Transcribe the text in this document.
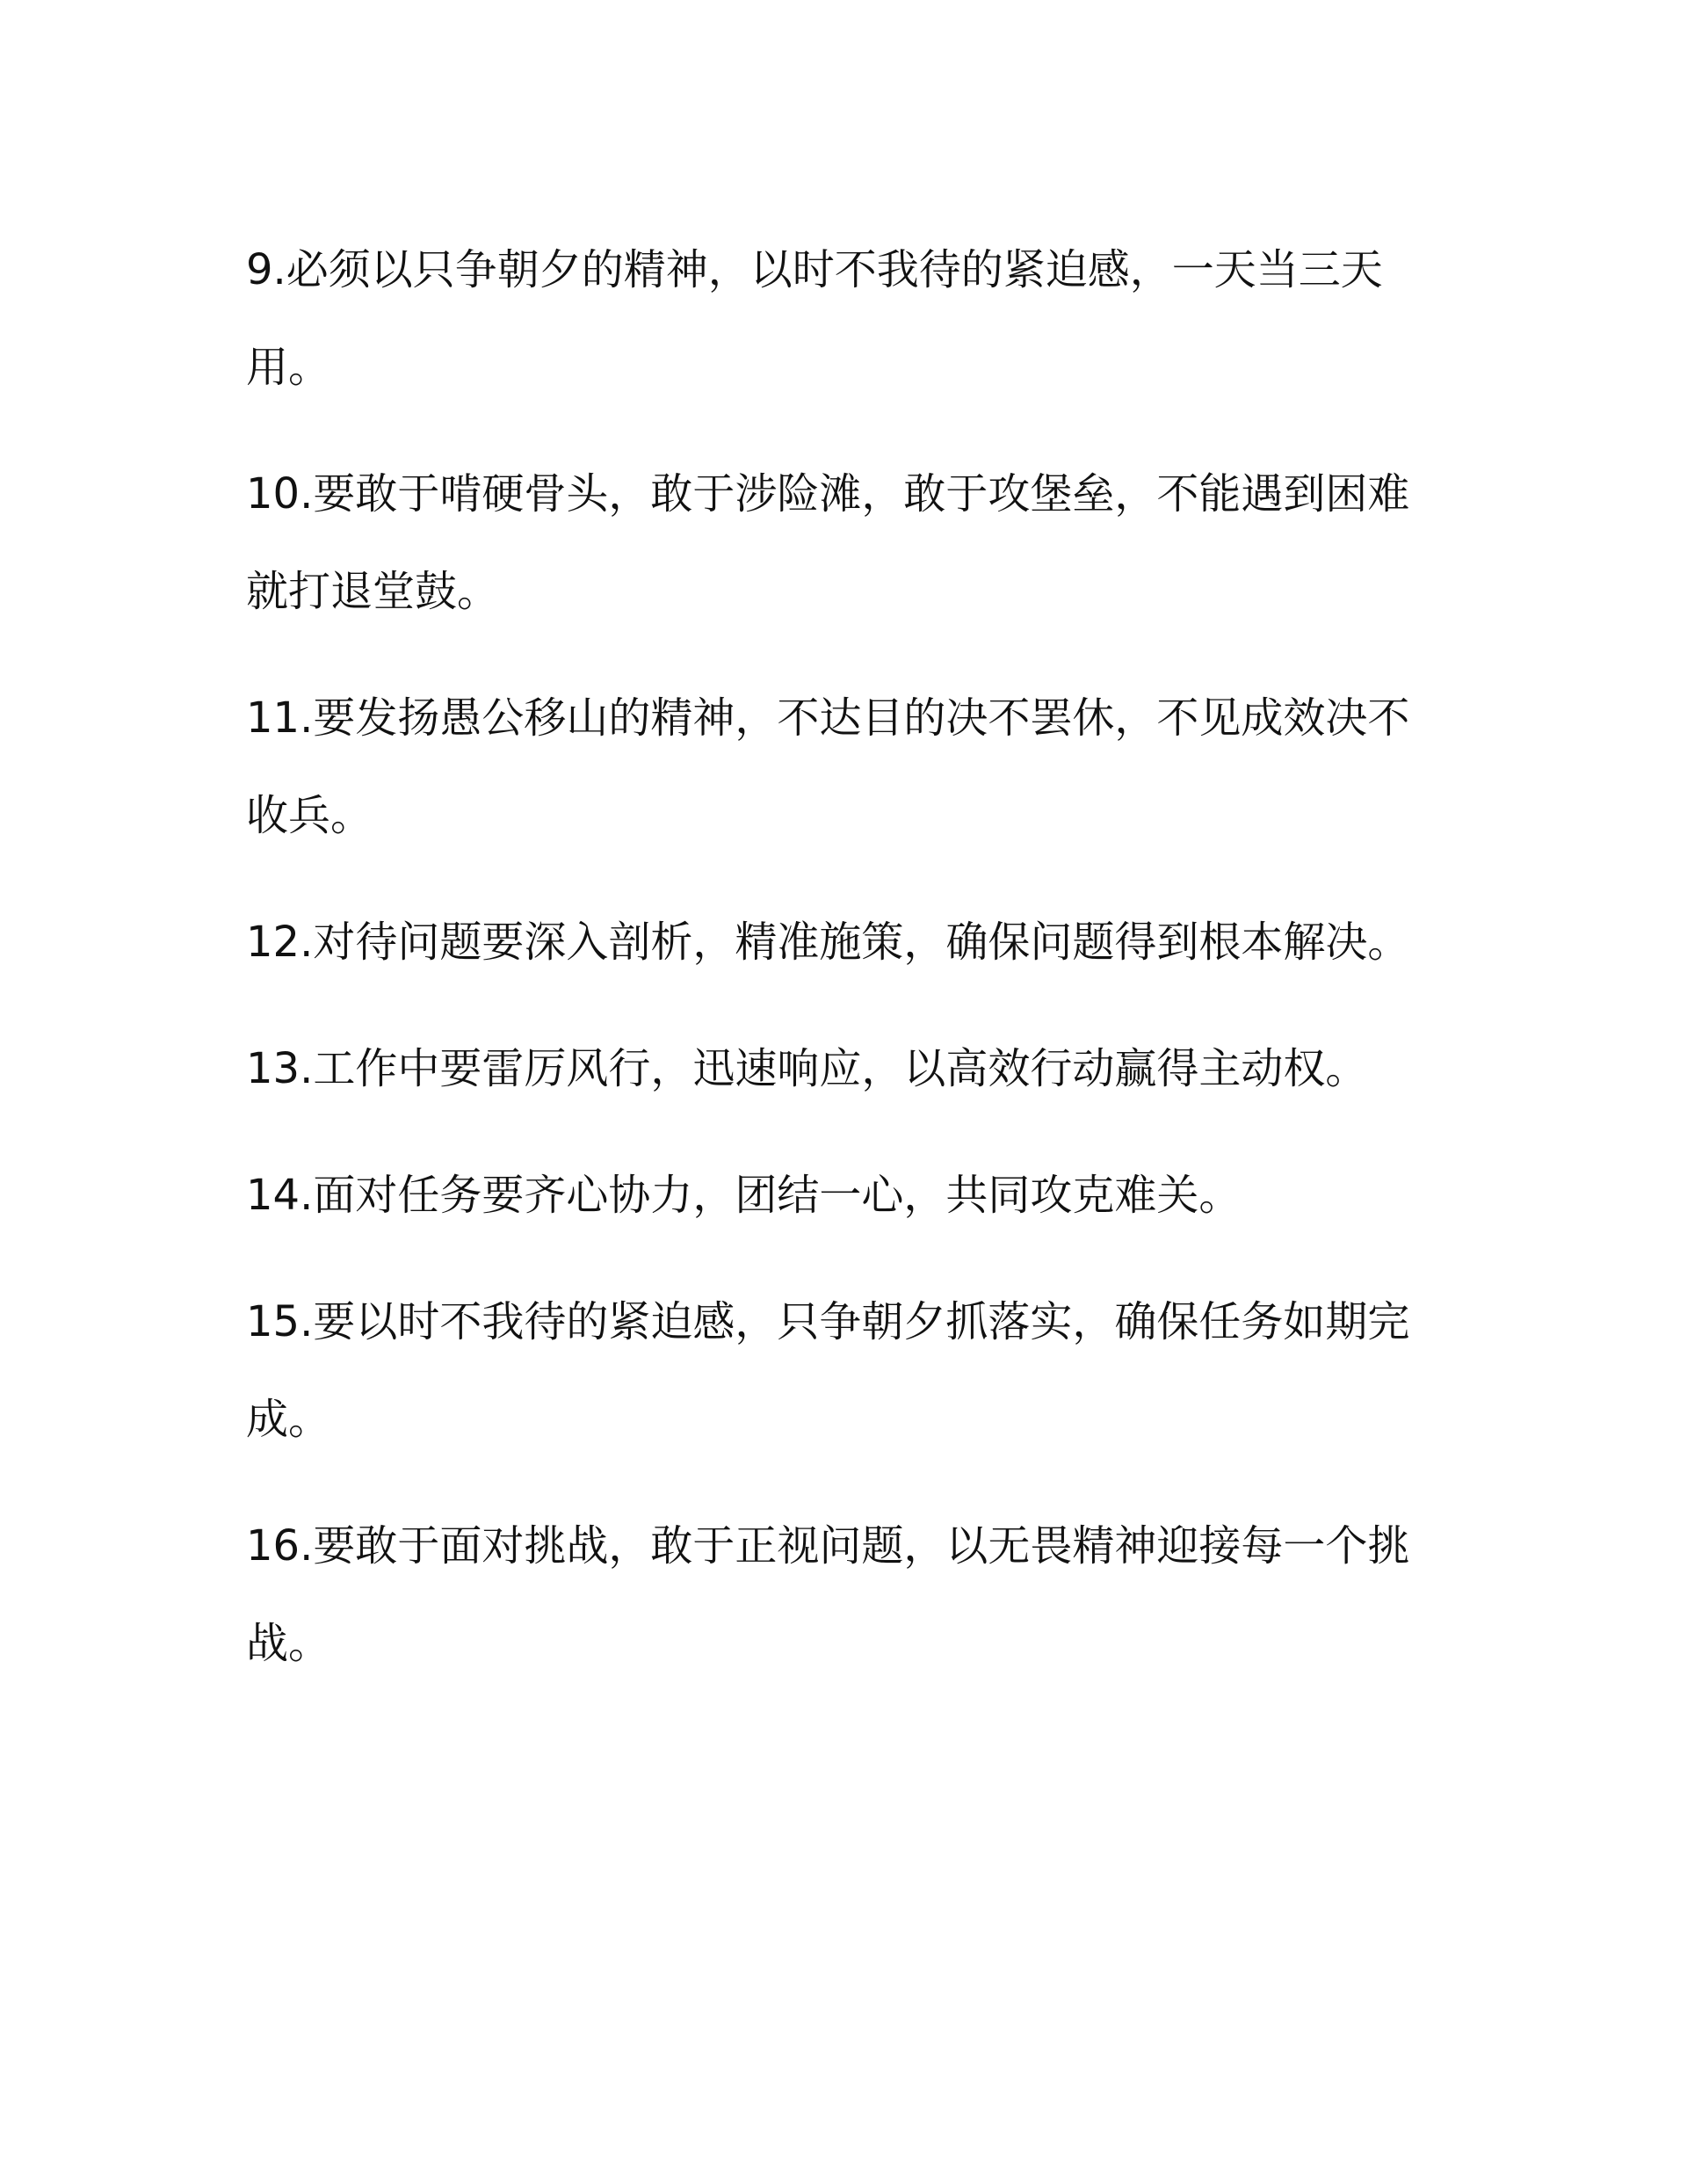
9.必须以只争朝夕的精神，以时不我待的紧迫感，一天当三天用。

10.要敢于啃硬骨头，敢于涉险滩，敢于攻堡垒，不能遇到困难就打退堂鼓。

11.要发扬愚公移山的精神，不达目的决不罢休，不见成效决不收兵。

12.对待问题要深入剖析，精准施策，确保问题得到根本解决。

13.工作中要雷厉风行，迅速响应，以高效行动赢得主动权。

14.面对任务要齐心协力，团结一心，共同攻克难关。

15.要以时不我待的紧迫感，只争朝夕抓落实，确保任务如期完成。

16.要敢于面对挑战，敢于正视问题，以无畏精神迎接每一个挑战。
